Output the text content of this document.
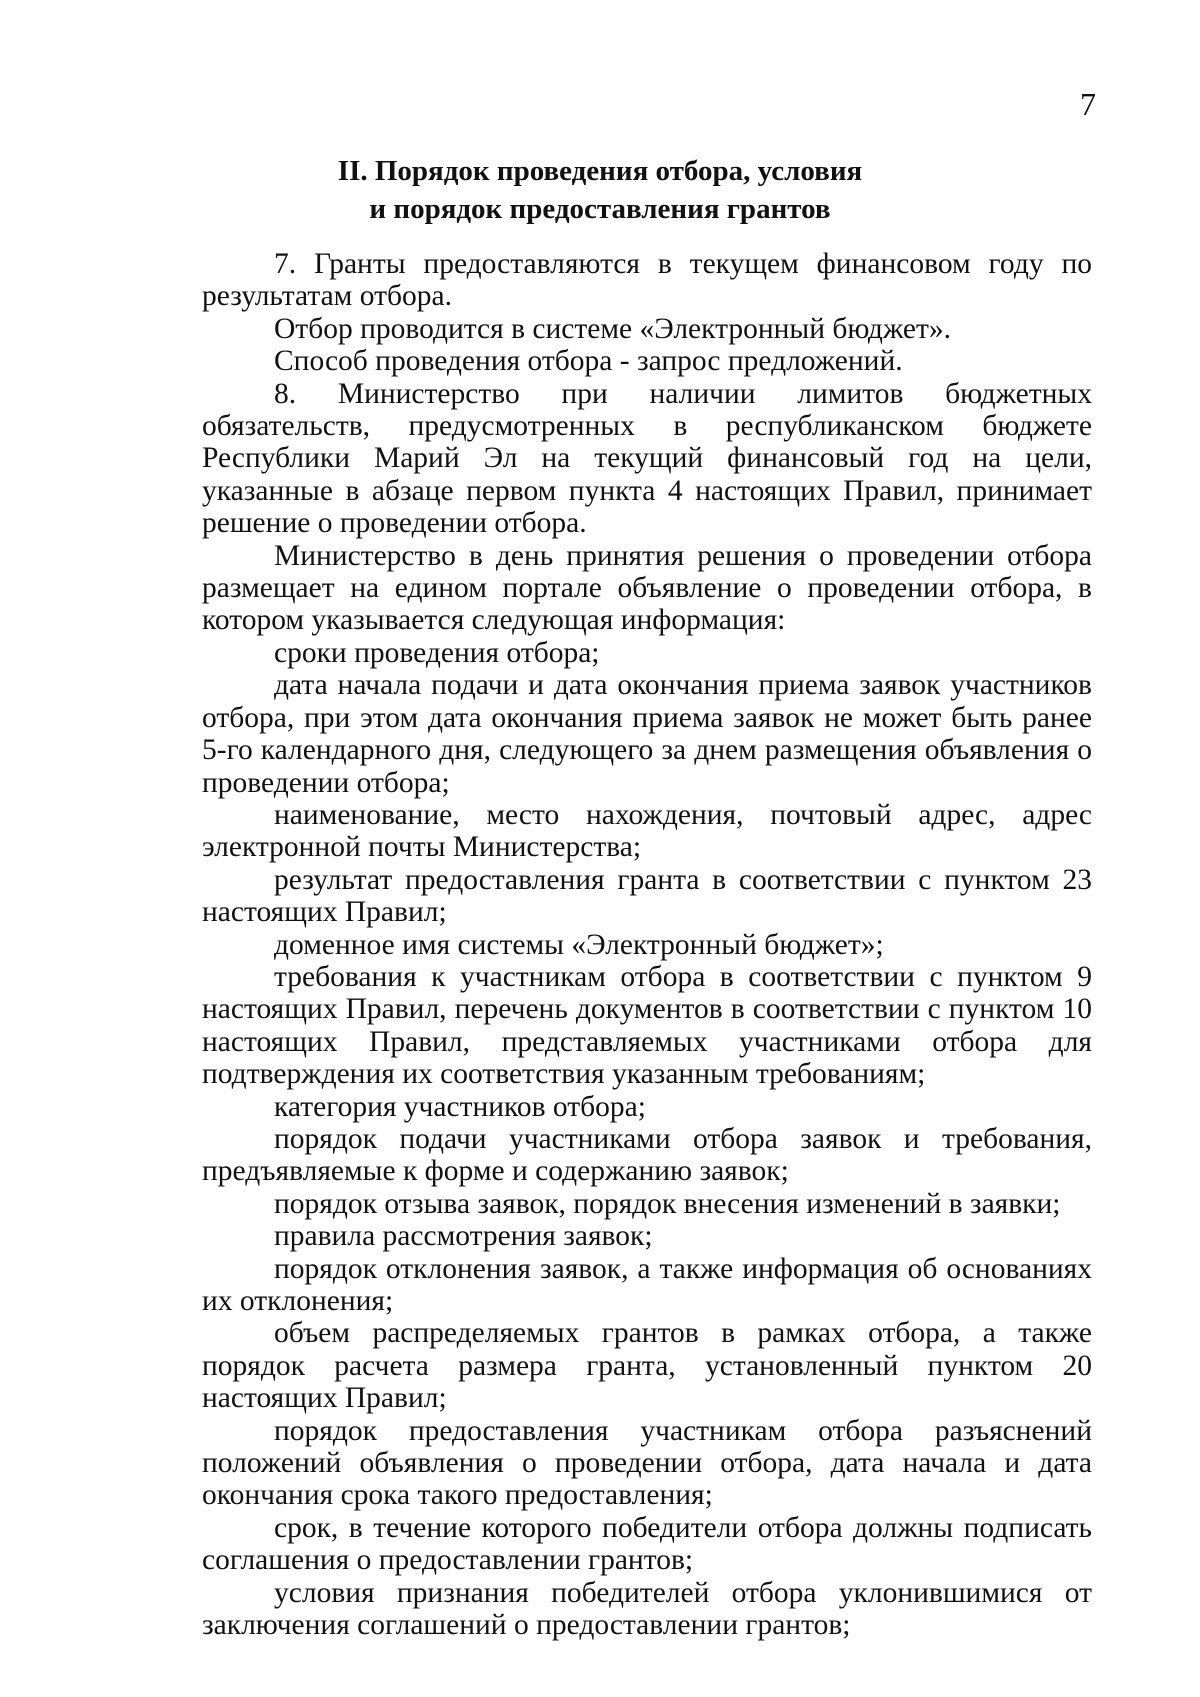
7
II. Порядок проведения отбора, условия
и порядок предоставления грантов

7. Гранты предоставляются в текущем финансовом году по результатам отбора.

Отбор проводится в системе «Электронный бюджет».

Способ проведения отбора - запрос предложений.

8. Министерство при наличии лимитов бюджетных обязательств, предусмотренных в республиканском бюджете Республики Марий Эл на текущий финансовый год на цели, указанные в абзаце первом пункта 4 настоящих Правил, принимает решение о проведении отбора.

Министерство в день принятия решения о проведении отбора размещает на едином портале объявление о проведении отбора, в котором указывается следующая информация:

сроки проведения отбора;

дата начала подачи и дата окончания приема заявок участников отбора, при этом дата окончания приема заявок не может быть ранее 5-го календарного дня, следующего за днем размещения объявления о проведении отбора;

наименование, место нахождения, почтовый адрес, адрес электронной почты Министерства;

результат предоставления гранта в соответствии с пунктом 23 настоящих Правил;

доменное имя системы «Электронный бюджет»;

требования к участникам отбора в соответствии с пунктом 9 настоящих Правил, перечень документов в соответствии с пунктом 10 настоящих Правил, представляемых участниками отбора для подтверждения их соответствия указанным требованиям;

категория участников отбора;

порядок подачи участниками отбора заявок и требования, предъявляемые к форме и содержанию заявок;

порядок отзыва заявок, порядок внесения изменений в заявки;

правила рассмотрения заявок;

порядок отклонения заявок, а также информация об основаниях их отклонения;

объем распределяемых грантов в рамках отбора, а также порядок расчета размера гранта, установленный пунктом 20 настоящих Правил;

порядок предоставления участникам отбора разъяснений положений объявления о проведении отбора, дата начала и дата окончания срока такого предоставления;

срок, в течение которого победители отбора должны подписать соглашения о предоставлении грантов;

условия признания победителей отбора уклонившимися от заключения соглашений о предоставлении грантов;
